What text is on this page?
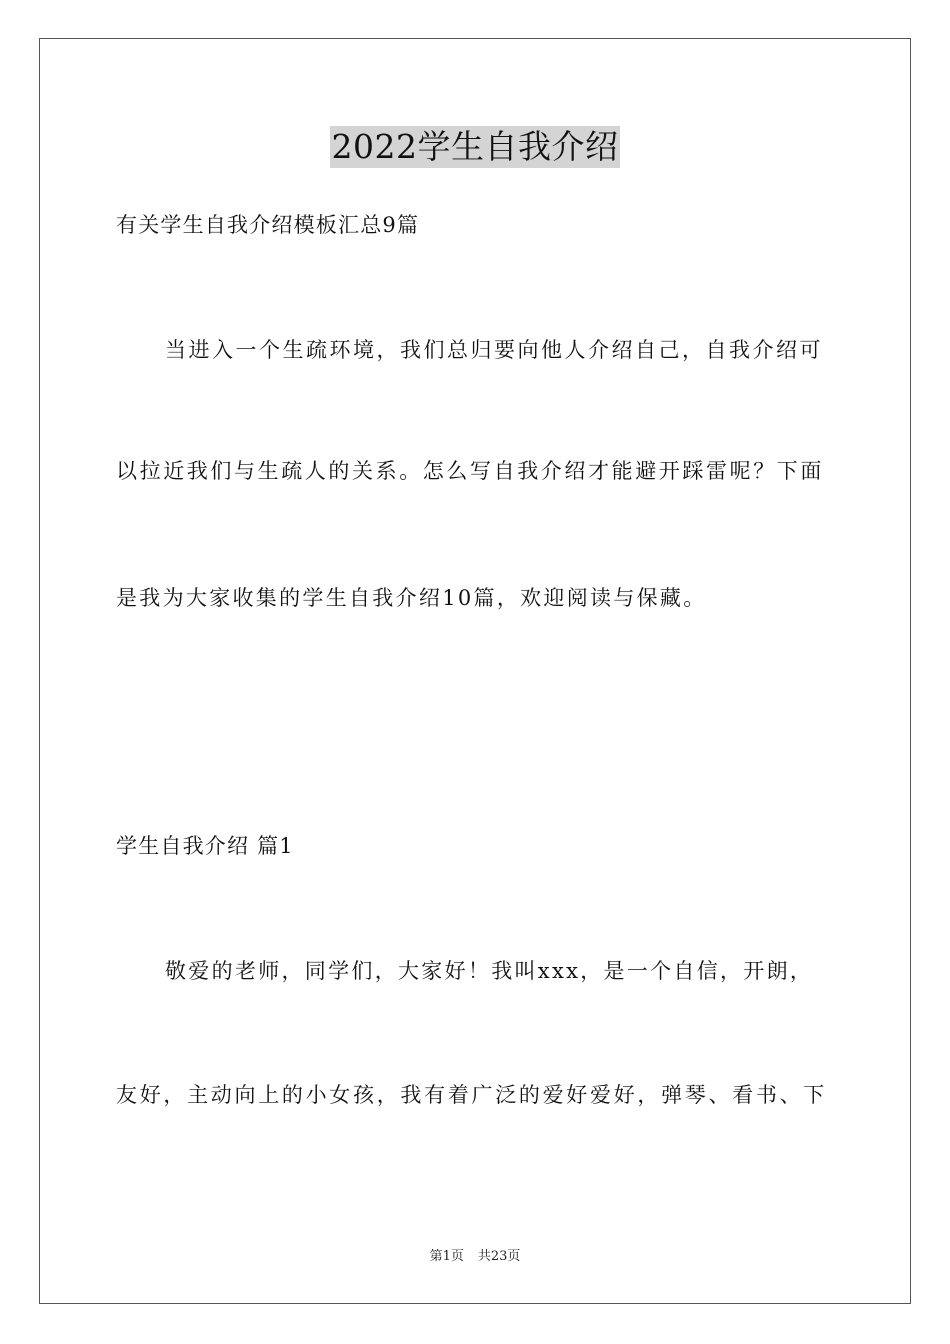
2022学生自我介绍
有关学生自我介绍模板汇总9篇
当进入一个生疏环境，我们总归要向他人介绍自己，自我介绍可
以拉近我们与生疏人的关系。怎么写自我介绍才能避开踩雷呢？下面
是我为大家收集的学生自我介绍10篇，欢迎阅读与保藏。
学生自我介绍 篇1
敬爱的老师，同学们，大家好！我叫xxx，是一个自信，开朗，
友好，主动向上的小女孩，我有着广泛的爱好爱好，弹琴、看书、下
第1页 共23页
